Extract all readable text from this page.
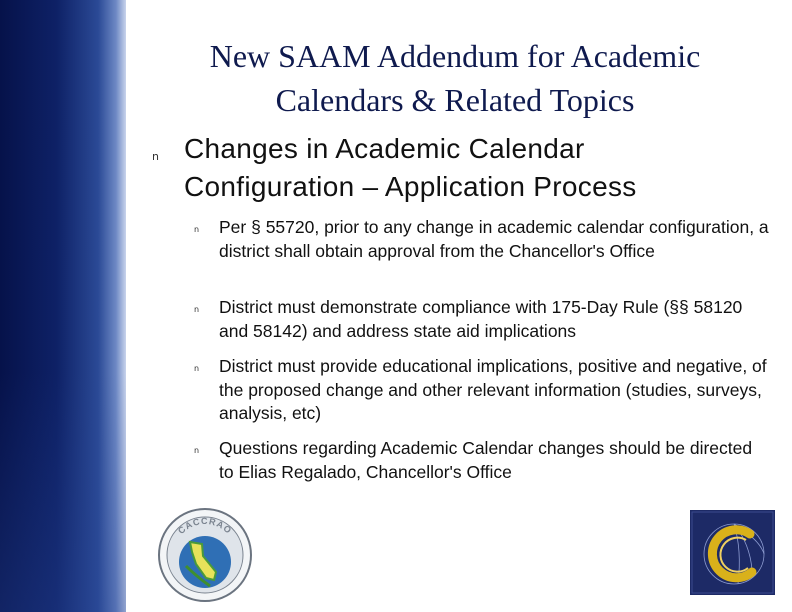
New SAAM Addendum for Academic
Calendars & Related Topics
n Changes in Academic Calendar
Configuration – Application Process
n Per § 55720, prior to any change in academic calendar configuration, a district shall obtain approval from the Chancellor's Office
n District must demonstrate compliance with 175-Day Rule (§§ 58120 and 58142) and address state aid implications
n District must provide educational implications, positive and negative, of the proposed change and other relevant information (studies, surveys, analysis, etc)
n Questions regarding Academic Calendar changes should be directed to Elias Regalado, Chancellor's Office
CACCRAO
